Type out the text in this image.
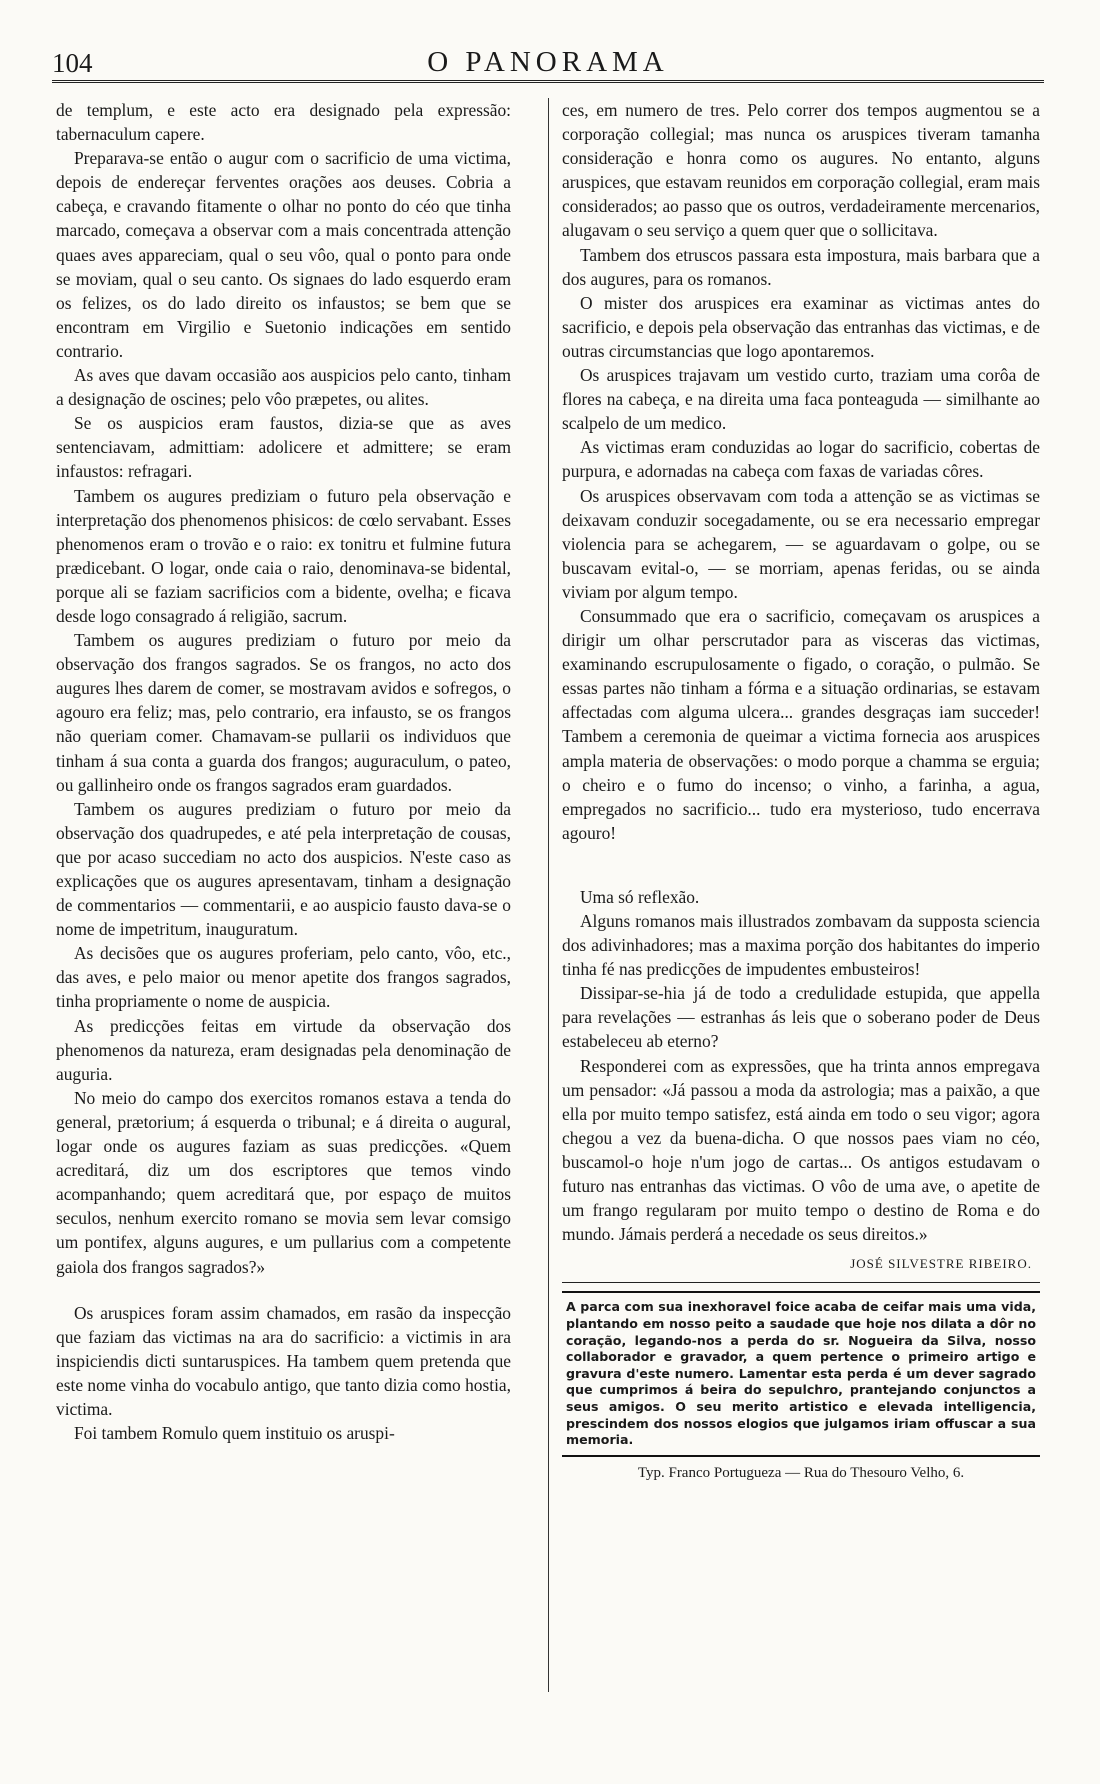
104	O PANORAMA

de templum, e este acto era designado pela expressão: tabernaculum capere.

Preparava-se então o augur com o sacrificio de uma victima, depois de endereçar ferventes orações aos deuses. Cobria a cabeça, e cravando fitamente o olhar no ponto do céo que tinha marcado, começava a observar com a mais concentrada attenção quaes aves appareciam, qual o seu vôo, qual o ponto para onde se moviam, qual o seu canto. Os signaes do lado esquerdo eram os felizes, os do lado direito os infaustos; se bem que se encontram em Virgilio e Suetonio indicações em sentido contrario.

As aves que davam occasião aos auspicios pelo canto, tinham a designação de oscines; pelo vôo præpetes, ou alites.

Se os auspicios eram faustos, dizia-se que as aves sentenciavam, admittiam: adolicere et admittere; se eram infaustos: refragari.

Tambem os augures prediziam o futuro pela observação e interpretação dos phenomenos phisicos: de cœlo servabant. Esses phenomenos eram o trovão e o raio: ex tonitru et fulmine futura prædicebant. O logar, onde caia o raio, denominava-se bidental, porque ali se faziam sacrificios com a bidente, ovelha; e ficava desde logo consagrado á religião, sacrum.

Tambem os augures prediziam o futuro por meio da observação dos frangos sagrados. Se os frangos, no acto dos augures lhes darem de comer, se mostravam avidos e sofregos, o agouro era feliz; mas, pelo contrario, era infausto, se os frangos não queriam comer. Chamavam-se pullarii os individuos que tinham á sua conta a guarda dos frangos; auguraculum, o pateo, ou gallinheiro onde os frangos sagrados eram guardados.

Tambem os augures prediziam o futuro por meio da observação dos quadrupedes, e até pela interpretação de cousas, que por acaso succediam no acto dos auspicios. N'este caso as explicações que os augures apresentavam, tinham a designação de commentarios — commentarii, e ao auspicio fausto dava-se o nome de impetritum, inauguratum.

As decisões que os augures proferiam, pelo canto, vôo, etc., das aves, e pelo maior ou menor apetite dos frangos sagrados, tinha propriamente o nome de auspicia.

As predicções feitas em virtude da observação dos phenomenos da natureza, eram designadas pela denominação de auguria.

No meio do campo dos exercitos romanos estava a tenda do general, prætorium; á esquerda o tribunal; e á direita o augural, logar onde os augures faziam as suas predicções. «Quem acreditará, diz um dos escriptores que temos vindo acompanhando; quem acreditará que, por espaço de muitos seculos, nenhum exercito romano se movia sem levar comsigo um pontifex, alguns augures, e um pullarius com a competente gaiola dos frangos sagrados?»

Os aruspices foram assim chamados, em rasão da inspecção que faziam das victimas na ara do sacrificio: a victimis in ara inspiciendis dicti suntaruspices. Ha tambem quem pretenda que este nome vinha do vocabulo antigo, que tanto dizia como hostia, victima.

Foi tambem Romulo quem instituio os aruspi-

ces, em numero de tres. Pelo correr dos tempos augmentou se a corporação collegial; mas nunca os aruspices tiveram tamanha consideração e honra como os augures. No entanto, alguns aruspices, que estavam reunidos em corporação collegial, eram mais considerados; ao passo que os outros, verdadeiramente mercenarios, alugavam o seu serviço a quem quer que o sollicitava.

Tambem dos etruscos passara esta impostura, mais barbara que a dos augures, para os romanos.

O mister dos aruspices era examinar as victimas antes do sacrificio, e depois pela observação das entranhas das victimas, e de outras circumstancias que logo apontaremos.

Os aruspices trajavam um vestido curto, traziam uma corôa de flores na cabeça, e na direita uma faca ponteaguda — similhante ao scalpelo de um medico.

As victimas eram conduzidas ao logar do sacrificio, cobertas de purpura, e adornadas na cabeça com faxas de variadas côres.

Os aruspices observavam com toda a attenção se as victimas se deixavam conduzir socegadamente, ou se era necessario empregar violencia para se achegarem, — se aguardavam o golpe, ou se buscavam evital-o, — se morriam, apenas feridas, ou se ainda viviam por algum tempo.

Consummado que era o sacrificio, começavam os aruspices a dirigir um olhar perscrutador para as visceras das victimas, examinando escrupulosamente o figado, o coração, o pulmão. Se essas partes não tinham a fórma e a situação ordinarias, se estavam affectadas com alguma ulcera... grandes desgraças iam succeder! Tambem a ceremonia de queimar a victima fornecia aos aruspices ampla materia de observações: o modo porque a chamma se erguia; o cheiro e o fumo do incenso; o vinho, a farinha, a agua, empregados no sacrificio... tudo era mysterioso, tudo encerrava agouro!

Uma só reflexão.

Alguns romanos mais illustrados zombavam da supposta sciencia dos adivinhadores; mas a maxima porção dos habitantes do imperio tinha fé nas predicções de impudentes embusteiros!

Dissipar-se-hia já de todo a credulidade estupida, que appella para revelações — estranhas ás leis que o soberano poder de Deus estabeleceu ab eterno?

Responderei com as expressões, que ha trinta annos empregava um pensador: «Já passou a moda da astrologia; mas a paixão, a que ella por muito tempo satisfez, está ainda em todo o seu vigor; agora chegou a vez da buena-dicha. O que nossos paes viam no céo, buscamol-o hoje n'um jogo de cartas... Os antigos estudavam o futuro nas entranhas das victimas. O vôo de uma ave, o apetite de um frango regularam por muito tempo o destino de Roma e do mundo. Jámais perderá a necedade os seus direitos.»

JOSÉ SILVESTRE RIBEIRO.
A parca com sua inexhoravel foice acaba de ceifar mais uma vida, plantando em nosso peito a saudade que hoje nos dilata a dôr no coração, legando-nos a perda do sr. Nogueira da Silva, nosso collaborador e gravador, a quem pertence o primeiro artigo e gravura d'este numero. Lamentar esta perda é um dever sagrado que cumprimos á beira do sepulchro, prantejando conjunctos a seus amigos. O seu merito artistico e elevada intelligencia, prescindem dos nossos elogios que julgamos iriam offuscar a sua memoria.
Typ. Franco Portugueza — Rua do Thesouro Velho, 6.
